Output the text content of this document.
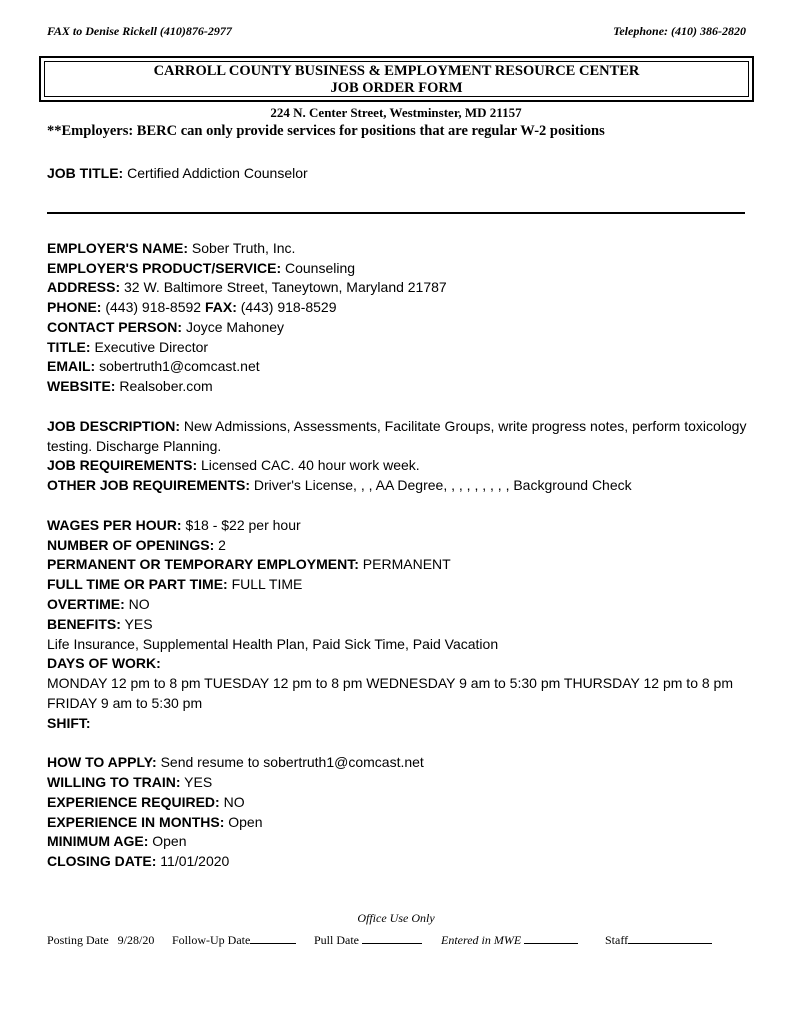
FAX to Denise Rickell (410)876-2977	Telephone: (410) 386-2820
CARROLL COUNTY BUSINESS & EMPLOYMENT RESOURCE CENTER
JOB ORDER FORM
224 N. Center Street, Westminster, MD 21157
**Employers: BERC can only provide services for positions that are regular W-2 positions
JOB TITLE: Certified Addiction Counselor
EMPLOYER'S NAME: Sober Truth, Inc.
EMPLOYER'S PRODUCT/SERVICE: Counseling
ADDRESS: 32 W. Baltimore Street, Taneytown, Maryland 21787
PHONE: (443) 918-8592 FAX: (443) 918-8529
CONTACT PERSON: Joyce Mahoney
TITLE: Executive Director
EMAIL: sobertruth1@comcast.net
WEBSITE: Realsober.com
JOB DESCRIPTION: New Admissions, Assessments, Facilitate Groups, write progress notes, perform toxicology testing. Discharge Planning.
JOB REQUIREMENTS: Licensed CAC. 40 hour work week.
OTHER JOB REQUIREMENTS: Driver's License, , , AA Degree, , , , , , , , , Background Check
WAGES PER HOUR: $18 - $22 per hour
NUMBER OF OPENINGS: 2
PERMANENT OR TEMPORARY EMPLOYMENT: PERMANENT
FULL TIME OR PART TIME: FULL TIME
OVERTIME: NO
BENEFITS: YES
Life Insurance, Supplemental Health Plan, Paid Sick Time, Paid Vacation
DAYS OF WORK:
MONDAY 12 pm to 8 pm TUESDAY 12 pm to 8 pm WEDNESDAY 9 am to 5:30 pm THURSDAY 12 pm to 8 pm FRIDAY 9 am to 5:30 pm
SHIFT:
HOW TO APPLY: Send resume to sobertruth1@comcast.net
WILLING TO TRAIN: YES
EXPERIENCE REQUIRED: NO
EXPERIENCE IN MONTHS: Open
MINIMUM AGE: Open
CLOSING DATE: 11/01/2020
Office Use Only
Posting Date 9/28/20 Follow-Up Date	Pull Date	Entered in MWE	Staff
